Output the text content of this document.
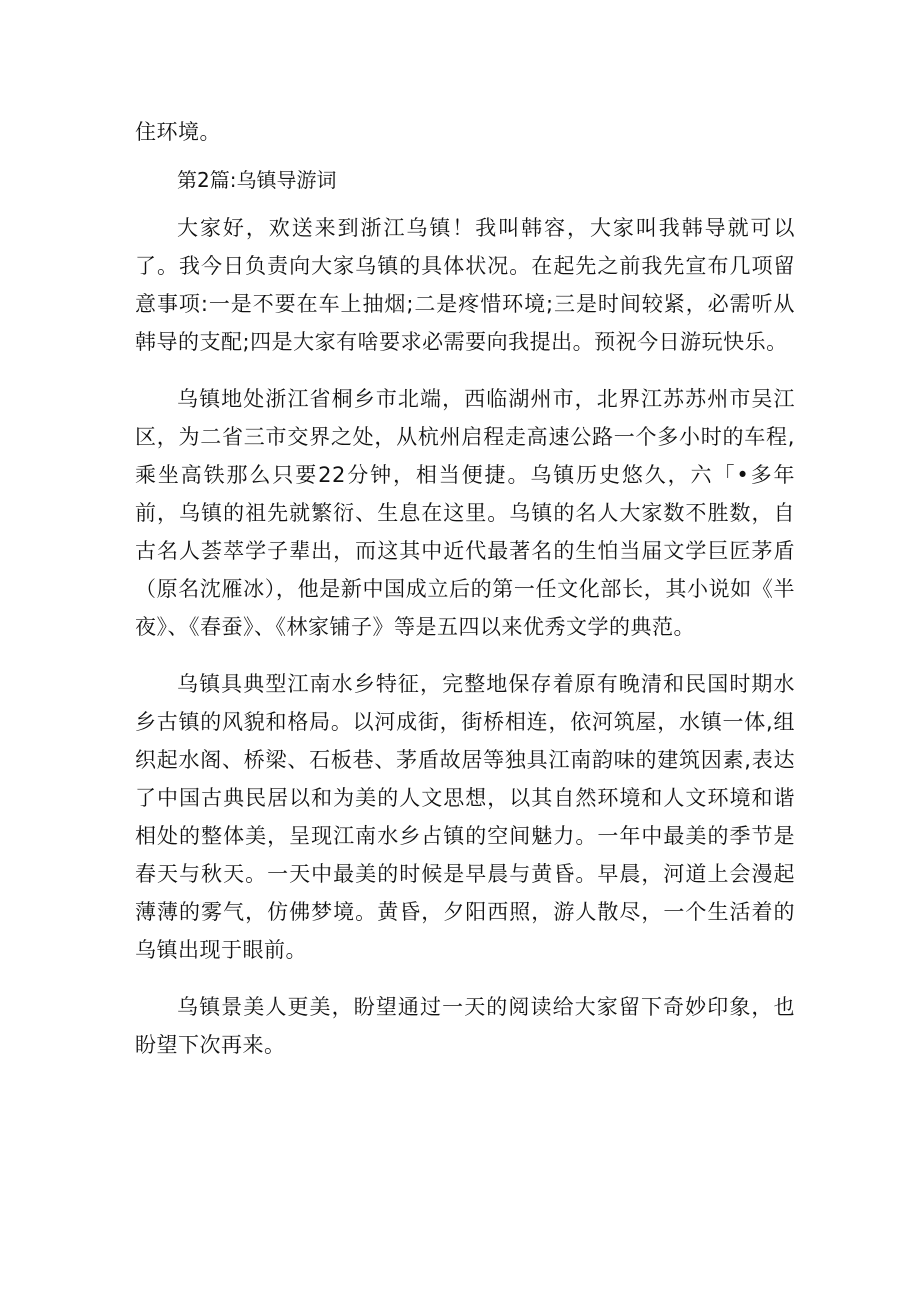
住环境。

第2篇:乌镇导游词

大家好，欢送来到浙江乌镇！我叫韩容，大家叫我韩导就可以了。我今日负责向大家乌镇的具体状况。在起先之前我先宣布几项留意事项:一是不要在车上抽烟;二是疼惜环境;三是时间较紧，必需听从韩导的支配;四是大家有啥要求必需要向我提出。预祝今日游玩快乐。

乌镇地处浙江省桐乡市北端，西临湖州市，北界江苏苏州市吴江区，为二省三市交界之处，从杭州启程走高速公路一个多小时的车程,乘坐高铁那么只要22分钟，相当便捷。乌镇历史悠久，六「•多年前，乌镇的祖先就繁衍、生息在这里。乌镇的名人大家数不胜数，自古名人荟萃学子辈出，而这其中近代最著名的生怕当届文学巨匠茅盾（原名沈雁冰），他是新中国成立后的第一任文化部长，其小说如《半夜》、《春蚕》、《林家铺子》等是五四以来优秀文学的典范。

乌镇具典型江南水乡特征，完整地保存着原有晚清和民国时期水乡古镇的风貌和格局。以河成街，街桥相连，依河筑屋，水镇一体,组织起水阁、桥梁、石板巷、茅盾故居等独具江南韵味的建筑因素,表达了中国古典民居以和为美的人文思想，以其自然环境和人文环境和谐相处的整体美，呈现江南水乡占镇的空间魅力。一年中最美的季节是春天与秋天。一天中最美的时候是早晨与黄昏。早晨，河道上会漫起薄薄的雾气，仿佛梦境。黄昏，夕阳西照，游人散尽，一个生活着的乌镇出现于眼前。

乌镇景美人更美，盼望通过一天的阅读给大家留下奇妙印象，也盼望下次再来。
